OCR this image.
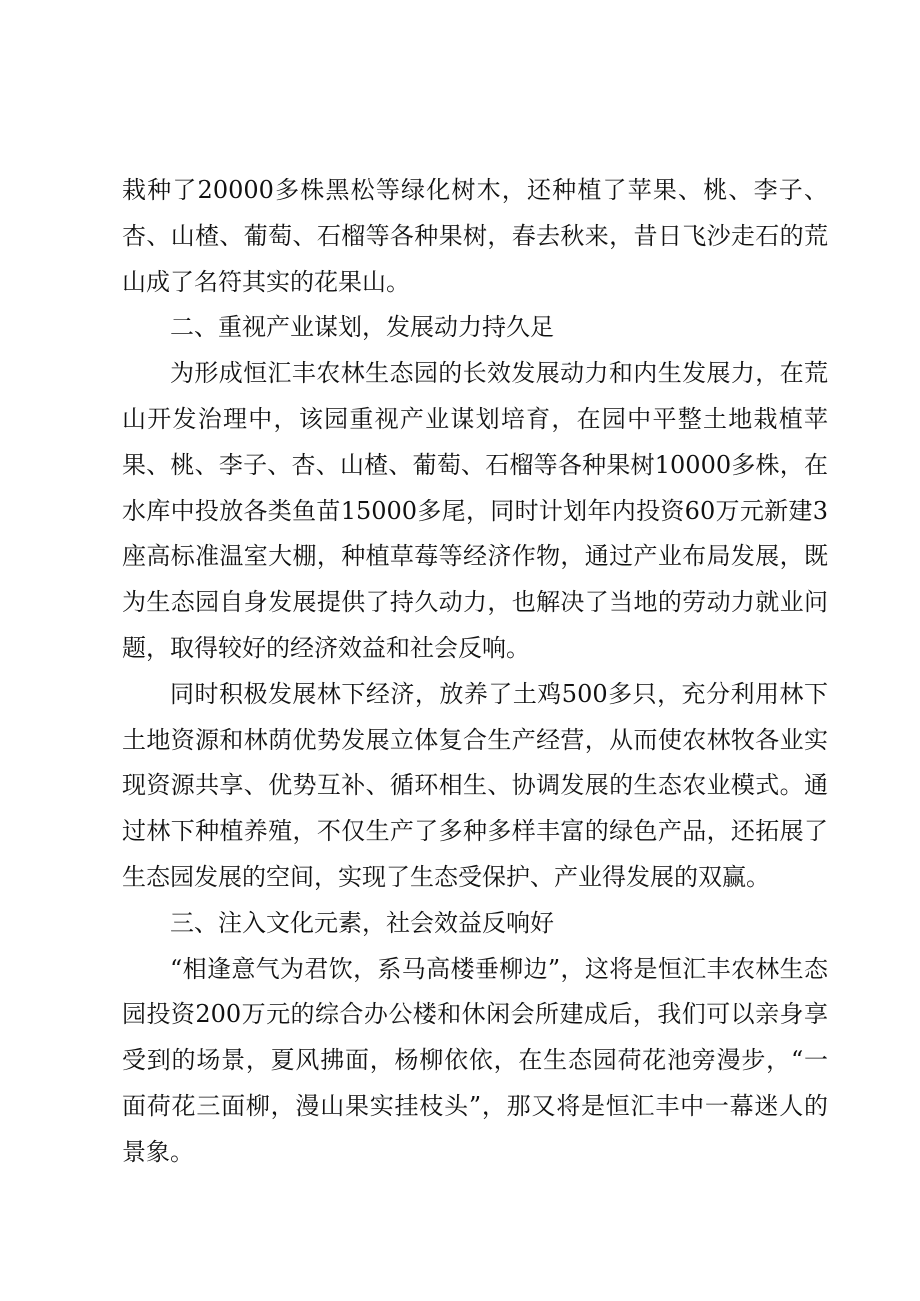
栽种了20000多株黑松等绿化树木，还种植了苹果、桃、李子、杏、山楂、葡萄、石榴等各种果树，春去秋来，昔日飞沙走石的荒山成了名符其实的花果山。

二、重视产业谋划，发展动力持久足

为形成恒汇丰农林生态园的长效发展动力和内生发展力，在荒山开发治理中，该园重视产业谋划培育，在园中平整土地栽植苹果、桃、李子、杏、山楂、葡萄、石榴等各种果树10000多株，在水库中投放各类鱼苗15000多尾，同时计划年内投资60万元新建3座高标准温室大棚，种植草莓等经济作物，通过产业布局发展，既为生态园自身发展提供了持久动力，也解决了当地的劳动力就业问题，取得较好的经济效益和社会反响。

同时积极发展林下经济，放养了土鸡500多只，充分利用林下土地资源和林荫优势发展立体复合生产经营，从而使农林牧各业实现资源共享、优势互补、循环相生、协调发展的生态农业模式。通过林下种植养殖，不仅生产了多种多样丰富的绿色产品，还拓展了生态园发展的空间，实现了生态受保护、产业得发展的双赢。

三、注入文化元素，社会效益反响好

“相逢意气为君饮，系马高楼垂柳边”，这将是恒汇丰农林生态园投资200万元的综合办公楼和休闲会所建成后，我们可以亲身享受到的场景，夏风拂面，杨柳依依，在生态园荷花池旁漫步，“一面荷花三面柳，漫山果实挂枝头”，那又将是恒汇丰中一幕迷人的景象。
